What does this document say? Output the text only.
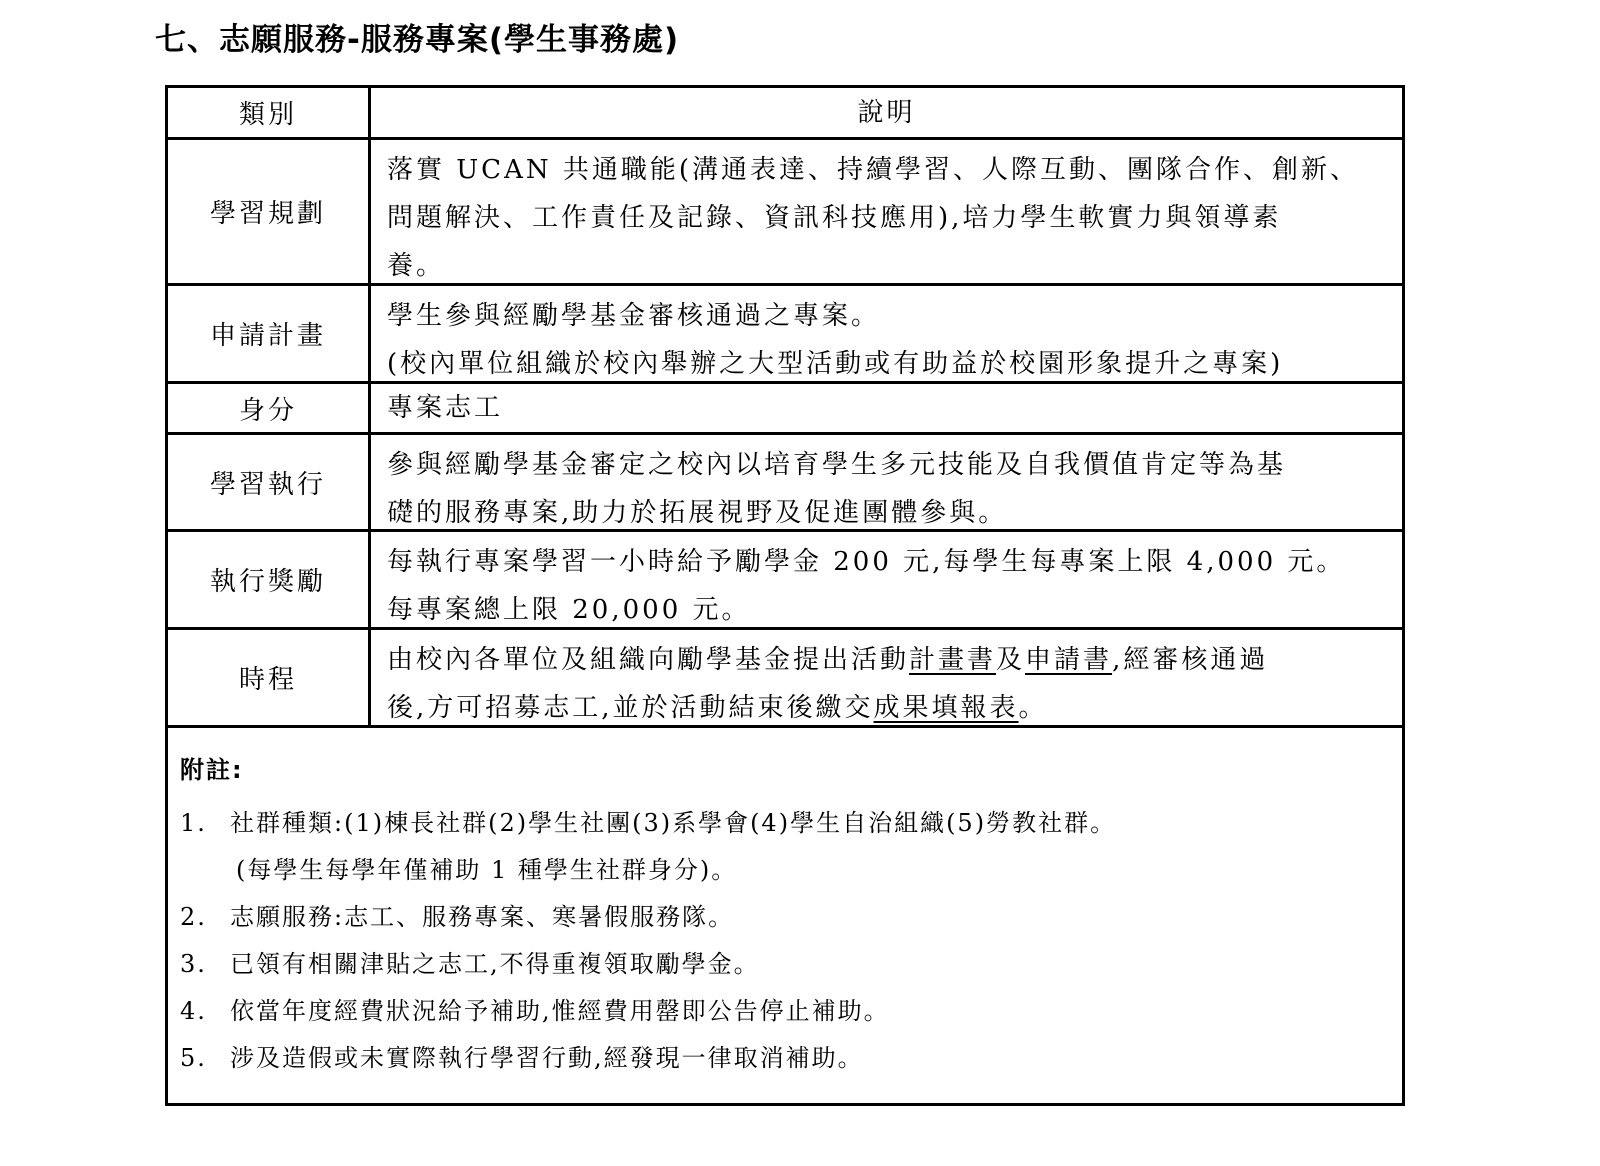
七、志願服務-服務專案(學生事務處)
類別	說明
學習規劃
落實 UCAN 共通職能(溝通表達、持續學習、人際互動、團隊合作、創新、
問題解決、工作責任及記錄、資訊科技應用),培力學生軟實力與領導素
養。
申請計畫
學生參與經勵學基金審核通過之專案。
(校內單位組織於校內舉辦之大型活動或有助益於校園形象提升之專案)
身分	專案志工
學習執行
參與經勵學基金審定之校內以培育學生多元技能及自我價值肯定等為基
礎的服務專案,助力於拓展視野及促進團體參與。
執行獎勵
每執行專案學習一小時給予勵學金 200 元,每學生每專案上限 4,000 元。
每專案總上限 20,000 元。
時程
由校內各單位及組織向勵學基金提出活動計畫書及申請書,經審核通過
後,方可招募志工,並於活動結束後繳交成果填報表。
附註:
1. 社群種類:(1)棟長社群(2)學生社團(3)系學會(4)學生自治組織(5)勞教社群。
(每學生每學年僅補助 1 種學生社群身分)。
2. 志願服務:志工、服務專案、寒暑假服務隊。
3. 已領有相關津貼之志工,不得重複領取勵學金。
4. 依當年度經費狀況給予補助,惟經費用罄即公告停止補助。
5. 涉及造假或未實際執行學習行動,經發現一律取消補助。
